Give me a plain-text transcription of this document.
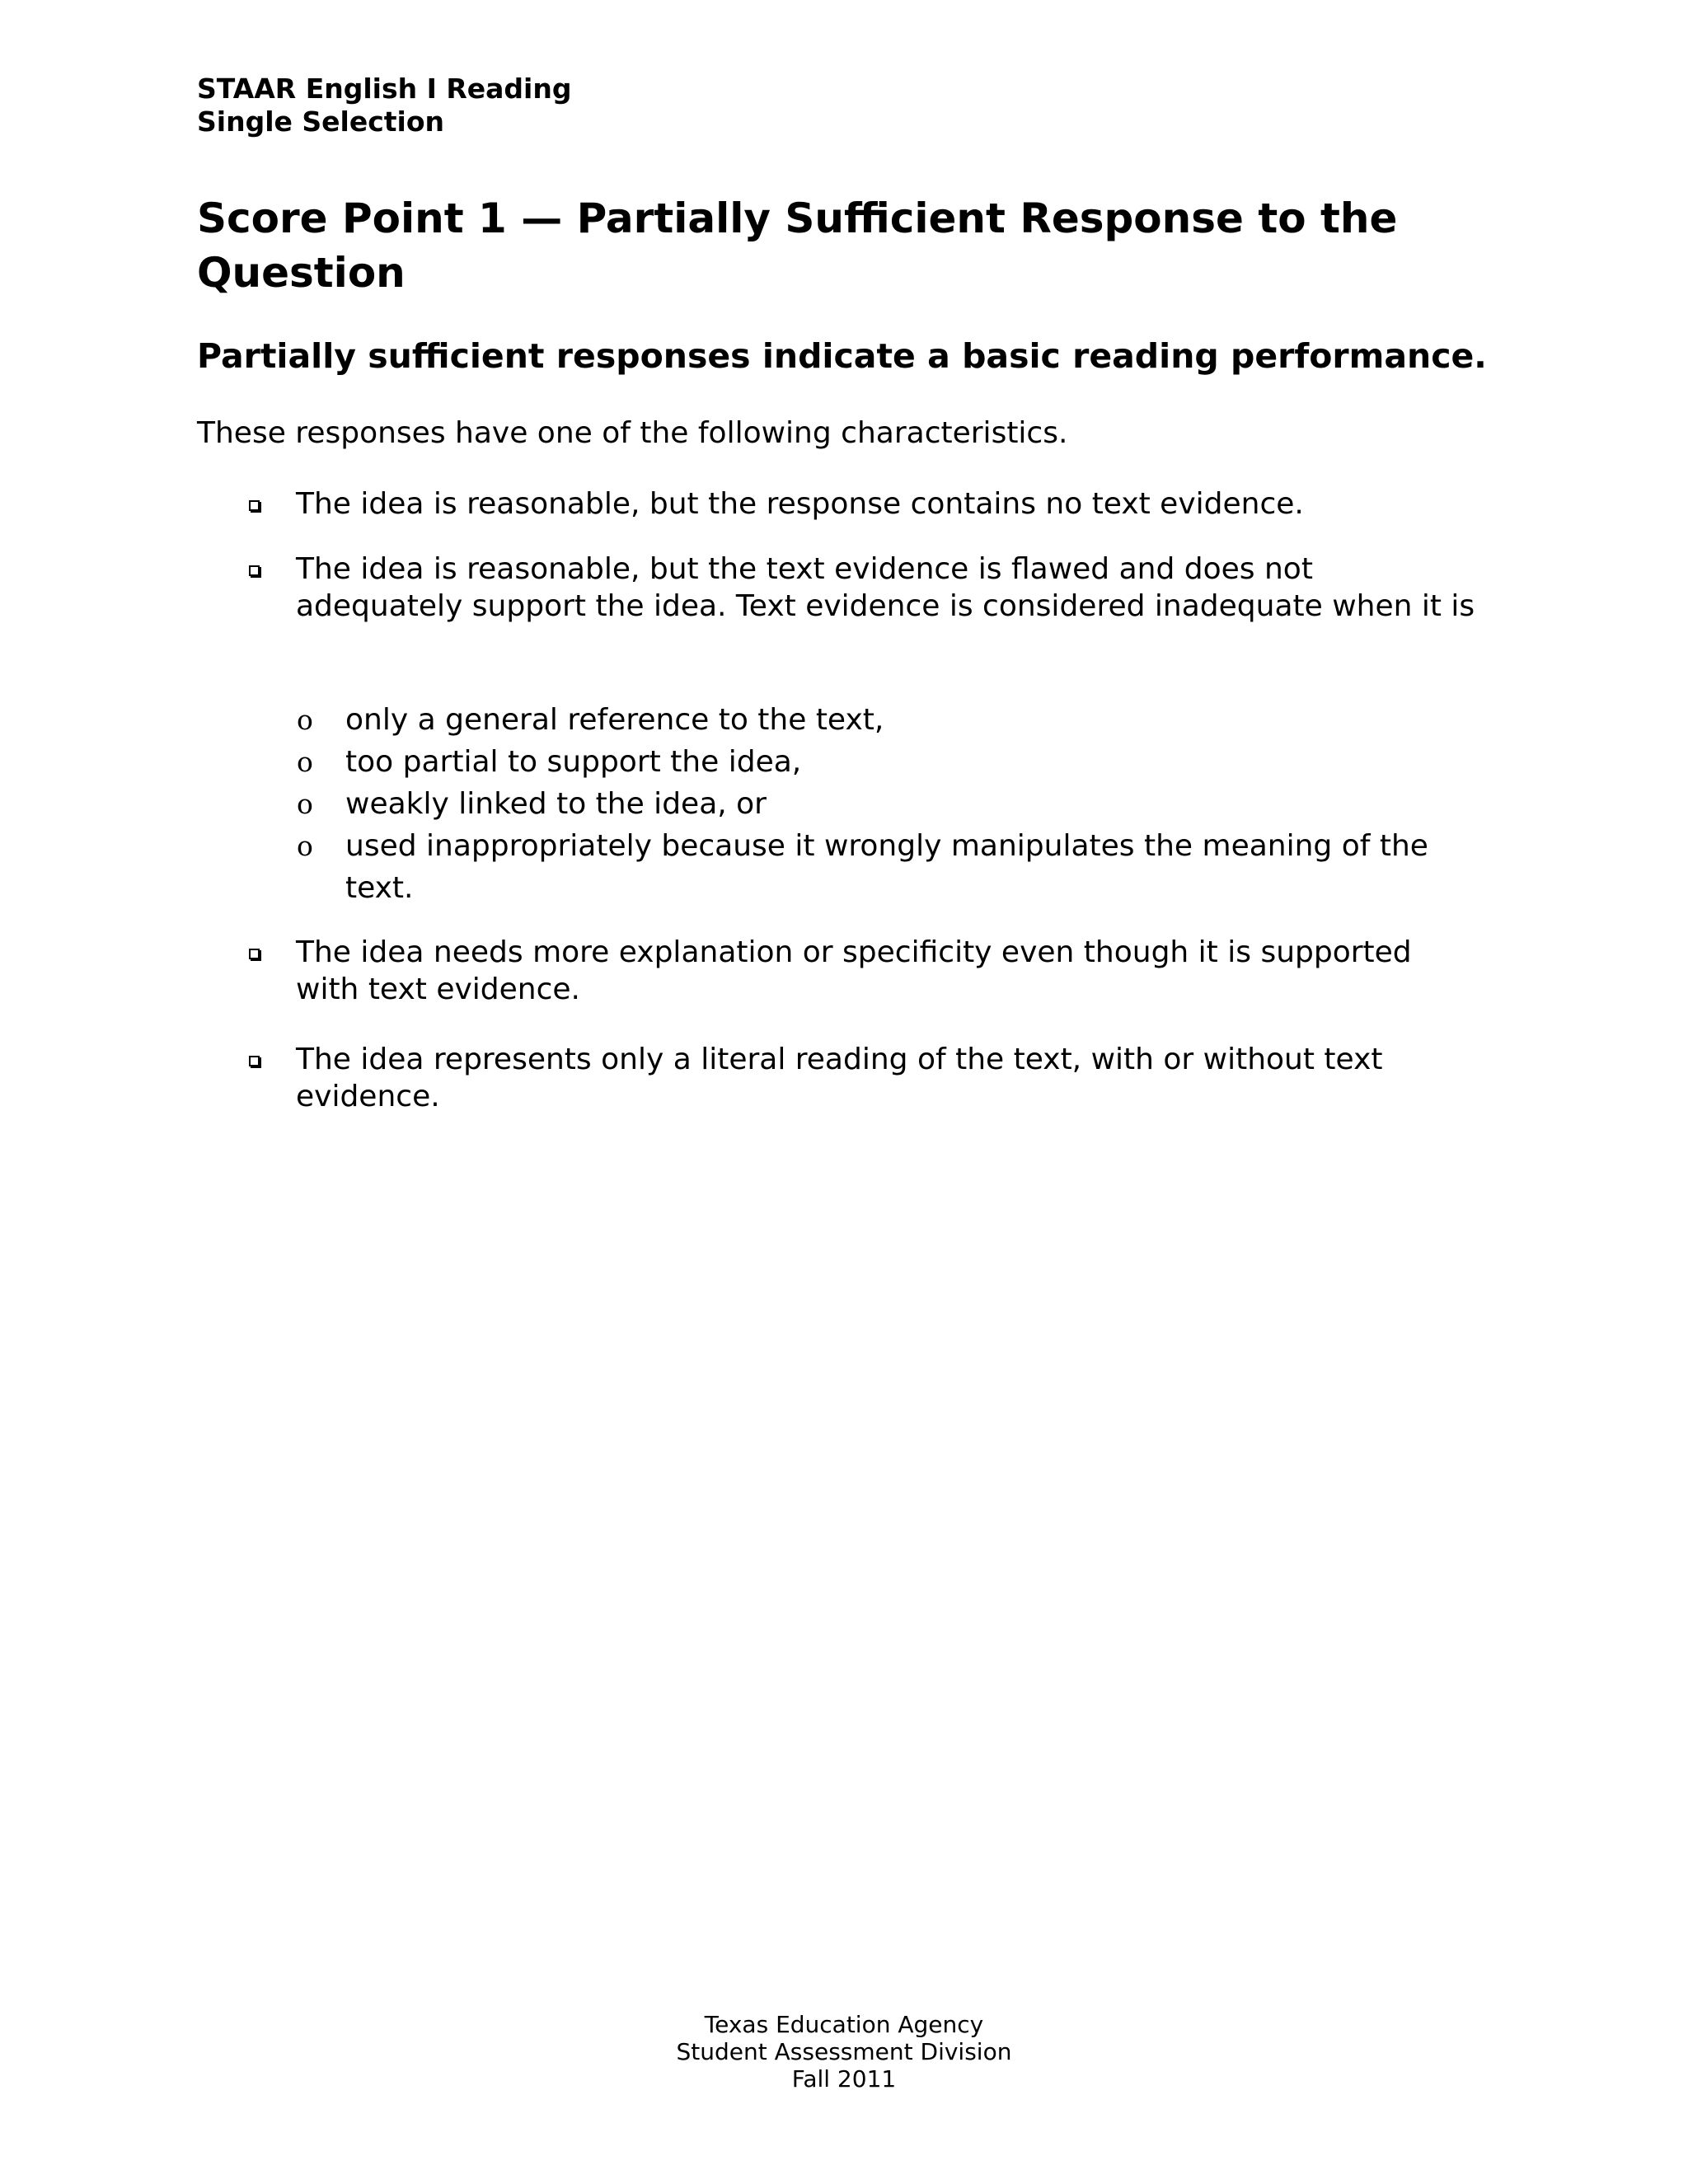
STAAR English I Reading
Single Selection
Score Point 1 — Partially Sufficient Response to the Question
Partially sufficient responses indicate a basic reading performance.

These responses have one of the following characteristics.

The idea is reasonable, but the response contains no text evidence.
The idea is reasonable, but the text evidence is flawed and does not adequately support the idea. Text evidence is considered inadequate when it is
o only a general reference to the text,
o too partial to support the idea,
o weakly linked to the idea, or
o used inappropriately because it wrongly manipulates the meaning of the text.
The idea needs more explanation or specificity even though it is supported with text evidence.
The idea represents only a literal reading of the text, with or without text evidence.
Texas Education Agency
Student Assessment Division
Fall 2011
